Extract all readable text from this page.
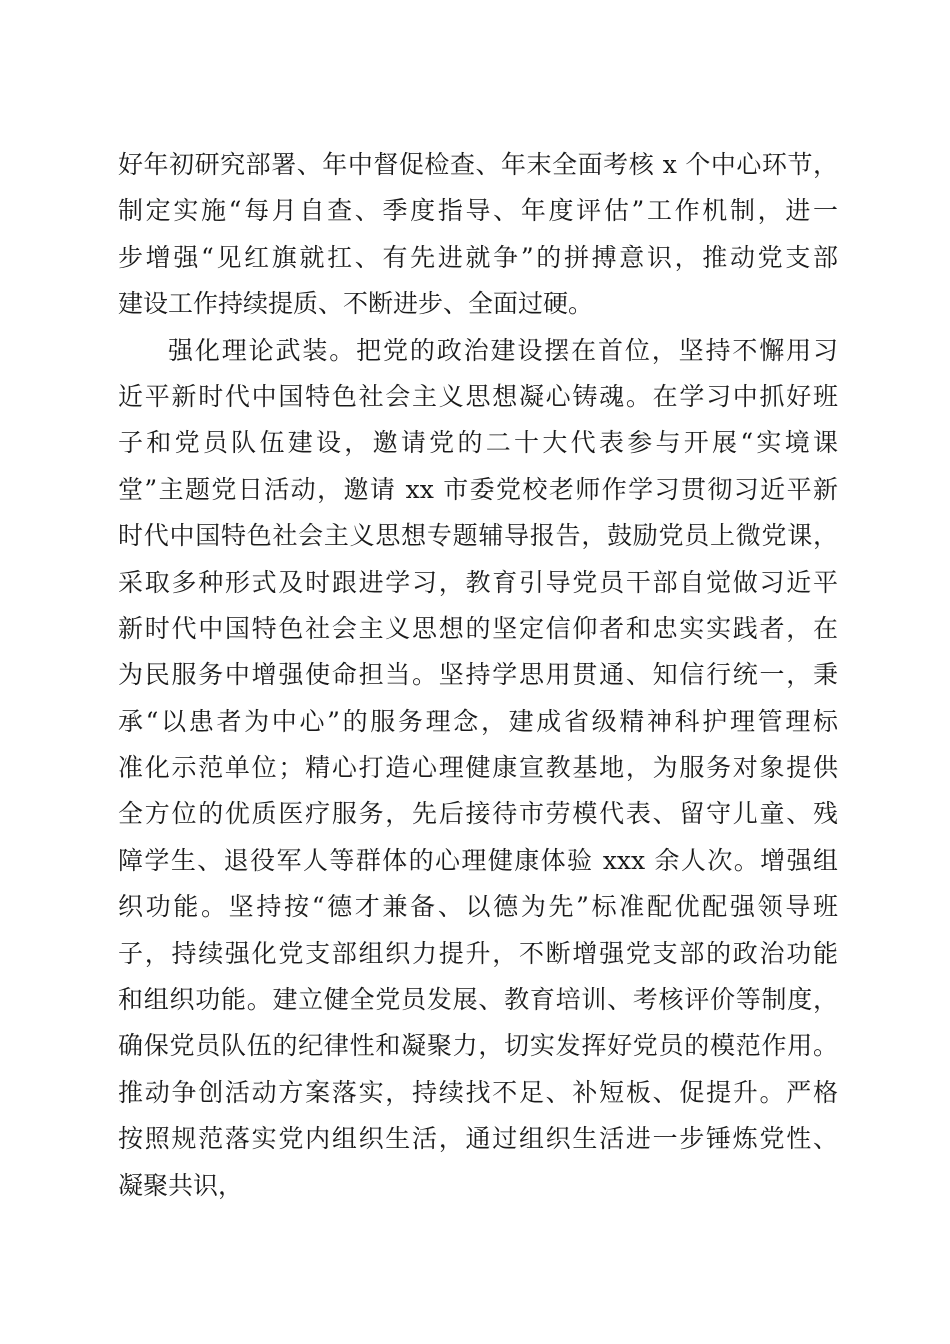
好年初研究部署、年中督促检查、年末全面考核 x 个中心环节，
制定实施“每月自查、季度指导、年度评估”工作机制，进一
步增强“见红旗就扛、有先进就争”的拼搏意识，推动党支部
建设工作持续提质、不断进步、全面过硬。
强化理论武装。把党的政治建设摆在首位，坚持不懈用习
近平新时代中国特色社会主义思想凝心铸魂。在学习中抓好班
子和党员队伍建设，邀请党的二十大代表参与开展“实境课
堂”主题党日活动，邀请 xx 市委党校老师作学习贯彻习近平新
时代中国特色社会主义思想专题辅导报告，鼓励党员上微党课，
采取多种形式及时跟进学习，教育引导党员干部自觉做习近平
新时代中国特色社会主义思想的坚定信仰者和忠实实践者，在
为民服务中增强使命担当。坚持学思用贯通、知信行统一，秉
承“以患者为中心”的服务理念，建成省级精神科护理管理标
准化示范单位；精心打造心理健康宣教基地，为服务对象提供
全方位的优质医疗服务，先后接待市劳模代表、留守儿童、残
障学生、退役军人等群体的心理健康体验 xxx 余人次。增强组
织功能。坚持按“德才兼备、以德为先”标准配优配强领导班
子，持续强化党支部组织力提升，不断增强党支部的政治功能
和组织功能。建立健全党员发展、教育培训、考核评价等制度，
确保党员队伍的纪律性和凝聚力，切实发挥好党员的模范作用。
推动争创活动方案落实，持续找不足、补短板、促提升。严格
按照规范落实党内组织生活，通过组织生活进一步锤炼党性、
凝聚共识，
